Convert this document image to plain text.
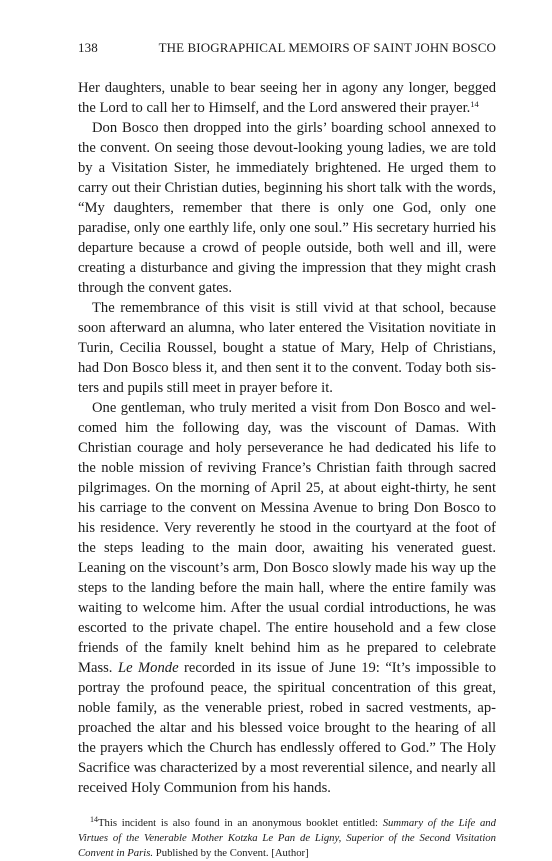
138	THE BIOGRAPHICAL MEMOIRS OF SAINT JOHN BOSCO

Her daughters, unable to bear seeing her in agony any longer, begged the Lord to call her to Himself, and the Lord answered their prayer.$^{14}$

Don Bosco then dropped into the girls’ boarding school annexed to the convent. On seeing those devout-looking young ladies, we are told by a Visitation Sister, he immediately brightened. He urged them to carry out their Christian duties, beginning his short talk with the words, “My daughters, remember that there is only one God, only one paradise, only one earthly life, only one soul.” His secretary hurried his departure because a crowd of people outside, both well and ill, were creating a disturbance and giving the impression that they might crash through the convent gates.

The remembrance of this visit is still vivid at that school, because soon afterward an alumna, who later entered the Visitation novitiate in Turin, Cecilia Roussel, bought a statue of Mary, Help of Christians, had Don Bosco bless it, and then sent it to the convent. Today both sisters and pupils still meet in prayer before it.

One gentleman, who truly merited a visit from Don Bosco and welcomed him the following day, was the viscount of Damas. With Christian courage and holy perseverance he had dedicated his life to the noble mission of reviving France’s Christian faith through sacred pilgrimages. On the morning of April 25, at about eight-thirty, he sent his carriage to the convent on Messina Avenue to bring Don Bosco to his residence. Very reverently he stood in the courtyard at the foot of the steps leading to the main door, awaiting his venerated guest. Leaning on the viscount’s arm, Don Bosco slowly made his way up the steps to the landing before the main hall, where the entire family was waiting to welcome him. After the usual cordial introductions, he was escorted to the private chapel. The entire household and a few close friends of the family knelt behind him as he prepared to celebrate Mass. Le Monde recorded in its issue of June 19: “It’s impossible to portray the profound peace, the spiritual concentration of this great, noble family, as the venerable priest, robed in sacred vestments, approached the altar and his blessed voice brought to the hearing of all the prayers which the Church has endlessly offered to God.” The Holy Sacrifice was characterized by a most reverential silence, and nearly all received Holy Communion from his hands.

$^{14}$This incident is also found in an anonymous booklet entitled: Summary of the Life and Virtues of the Venerable Mother Kotzka Le Pan de Ligny, Superior of the Second Visitation Convent in Paris. Published by the Convent. [Author]
